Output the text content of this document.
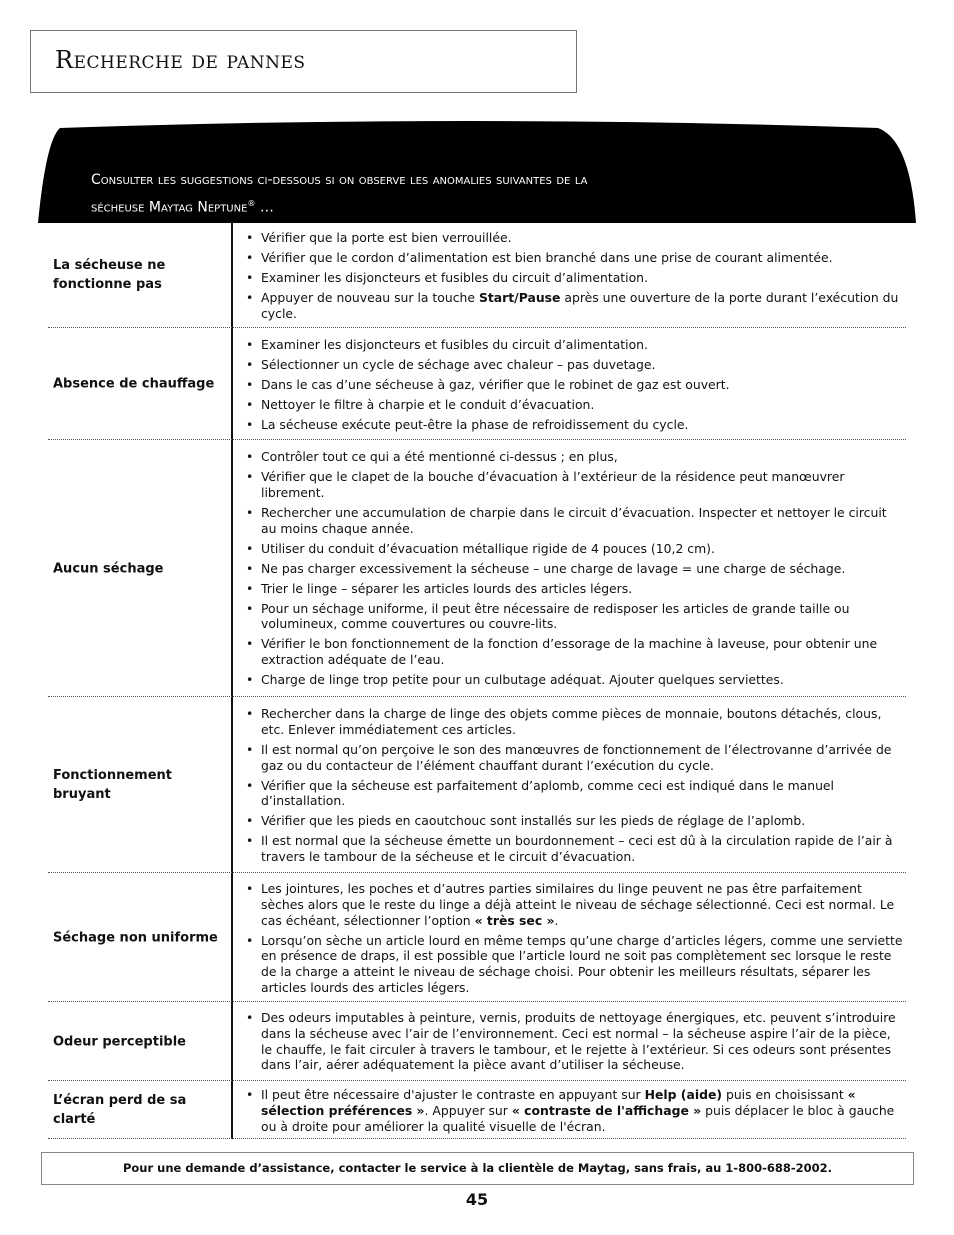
Recherche de pannes
Consulter les suggestions ci-dessous si on observe les anomalies suivantes de la
sécheuse Maytag Neptune® …
La sécheuse ne fonctionne pas
• Vérifier que la porte est bien verrouillée.
• Vérifier que le cordon d’alimentation est bien branché dans une prise de courant alimentée.
• Examiner les disjoncteurs et fusibles du circuit d’alimentation.
• Appuyer de nouveau sur la touche Start/Pause après une ouverture de la porte durant l’exécution du cycle.
Absence de chauffage
• Examiner les disjoncteurs et fusibles du circuit d’alimentation.
• Sélectionner un cycle de séchage avec chaleur – pas duvetage.
• Dans le cas d’une sécheuse à gaz, vérifier que le robinet de gaz est ouvert.
• Nettoyer le filtre à charpie et le conduit d’évacuation.
• La sécheuse exécute peut-être la phase de refroidissement du cycle.
Aucun séchage
• Contrôler tout ce qui a été mentionné ci-dessus ; en plus,
• Vérifier que le clapet de la bouche d’évacuation à l’extérieur de la résidence peut manœuvrer librement.
• Rechercher une accumulation de charpie dans le circuit d’évacuation. Inspecter et nettoyer le circuit au moins chaque année.
• Utiliser du conduit d’évacuation métallique rigide de 4 pouces (10,2 cm).
• Ne pas charger excessivement la sécheuse – une charge de lavage = une charge de séchage.
• Trier le linge – séparer les articles lourds des articles légers.
• Pour un séchage uniforme, il peut être nécessaire de redisposer les articles de grande taille ou volumineux, comme couvertures ou couvre-lits.
• Vérifier le bon fonctionnement de la fonction d’essorage de la machine à laveuse, pour obtenir une extraction adéquate de l’eau.
• Charge de linge trop petite pour un culbutage adéquat. Ajouter quelques serviettes.
Fonctionnement bruyant
• Rechercher dans la charge de linge des objets comme pièces de monnaie, boutons détachés, clous, etc. Enlever immédiatement ces articles.
• Il est normal qu’on perçoive le son des manœuvres de fonctionnement de l’électrovanne d’arrivée de gaz ou du contacteur de l’élément chauffant durant l’exécution du cycle.
• Vérifier que la sécheuse est parfaitement d’aplomb, comme ceci est indiqué dans le manuel d’installation.
• Vérifier que les pieds en caoutchouc sont installés sur les pieds de réglage de l’aplomb.
• Il est normal que la sécheuse émette un bourdonnement – ceci est dû à la circulation rapide de l’air à travers le tambour de la sécheuse et le circuit d’évacuation.
Séchage non uniforme
• Les jointures, les poches et d’autres parties similaires du linge peuvent ne pas être parfaitement sèches alors que le reste du linge a déjà atteint le niveau de séchage sélectionné. Ceci est normal. Le cas échéant, sélectionner l’option « très sec ».
• Lorsqu’on sèche un article lourd en même temps qu’une charge d’articles légers, comme une serviette en présence de draps, il est possible que l’article lourd ne soit pas complètement sec lorsque le reste de la charge a atteint le niveau de séchage choisi. Pour obtenir les meilleurs résultats, séparer les articles lourds des articles légers.
Odeur perceptible
• Des odeurs imputables à peinture, vernis, produits de nettoyage énergiques, etc. peuvent s’introduire dans la sécheuse avec l’air de l’environnement. Ceci est normal – la sécheuse aspire l’air de la pièce, le chauffe, le fait circuler à travers le tambour, et le rejette à l’extérieur. Si ces odeurs sont présentes dans l’air, aérer adéquatement la pièce avant d’utiliser la sécheuse.
L’écran perd de sa clarté
• Il peut être nécessaire d'ajuster le contraste en appuyant sur Help (aide) puis en choisissant « sélection préférences ». Appuyer sur « contraste de l'affichage » puis déplacer le bloc à gauche ou à droite pour améliorer la qualité visuelle de l'écran.
Pour une demande d’assistance, contacter le service à la clientèle de Maytag, sans frais, au 1-800-688-2002.
45
